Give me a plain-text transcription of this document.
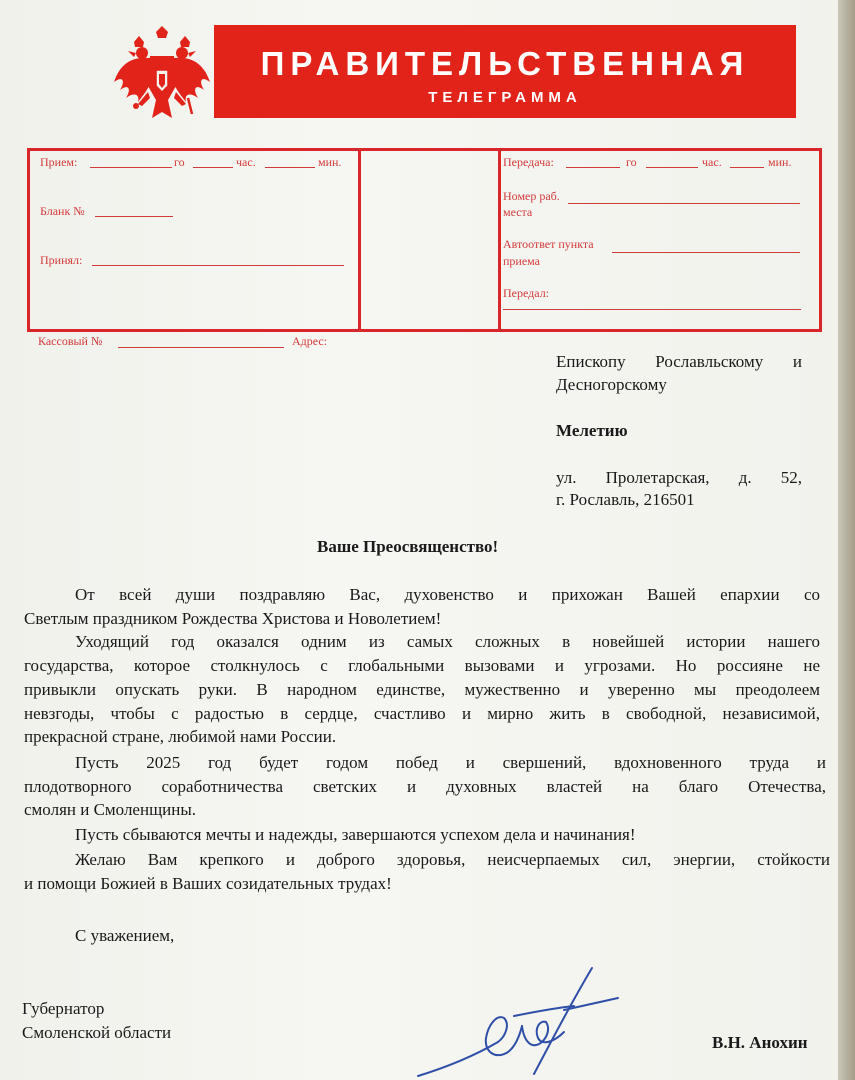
ПРАВИТЕЛЬСТВЕННАЯ
ТЕЛЕГРАММА
Прием:	го	час.	мин.
Бланк №
Принял:
Передача:	го	час.	мин.
Номер раб.
места
Автоответ пункта
приема
Передал:
Кассовый №	Адрес:
Епископу Рославльскому и
Десногорскому
Мелетию
ул. Пролетарская, д. 52,
г. Рославль, 216501
Ваше Преосвященство!
От всей души поздравляю Вас, духовенство и прихожан Вашей епархии со
Светлым праздником Рождества Христова и Новолетием!
Уходящий год оказался одним из самых сложных в новейшей истории нашего
государства, которое столкнулось с глобальными вызовами и угрозами. Но россияне не
привыкли опускать руки. В народном единстве, мужественно и уверенно мы преодолеем
невзгоды, чтобы с радостью в сердце, счастливо и мирно жить в свободной, независимой,
прекрасной стране, любимой нами России.
Пусть 2025 год будет годом побед и свершений, вдохновенного труда и
плодотворного соработничества светских и духовных властей на благо Отечества,
смолян и Смоленщины.
Пусть сбываются мечты и надежды, завершаются успехом дела и начинания!
Желаю Вам крепкого и доброго здоровья, неисчерпаемых сил, энергии, стойкости
и помощи Божией в Ваших созидательных трудах!
С уважением,
Губернатор
Смоленской области
В.Н. Анохин
